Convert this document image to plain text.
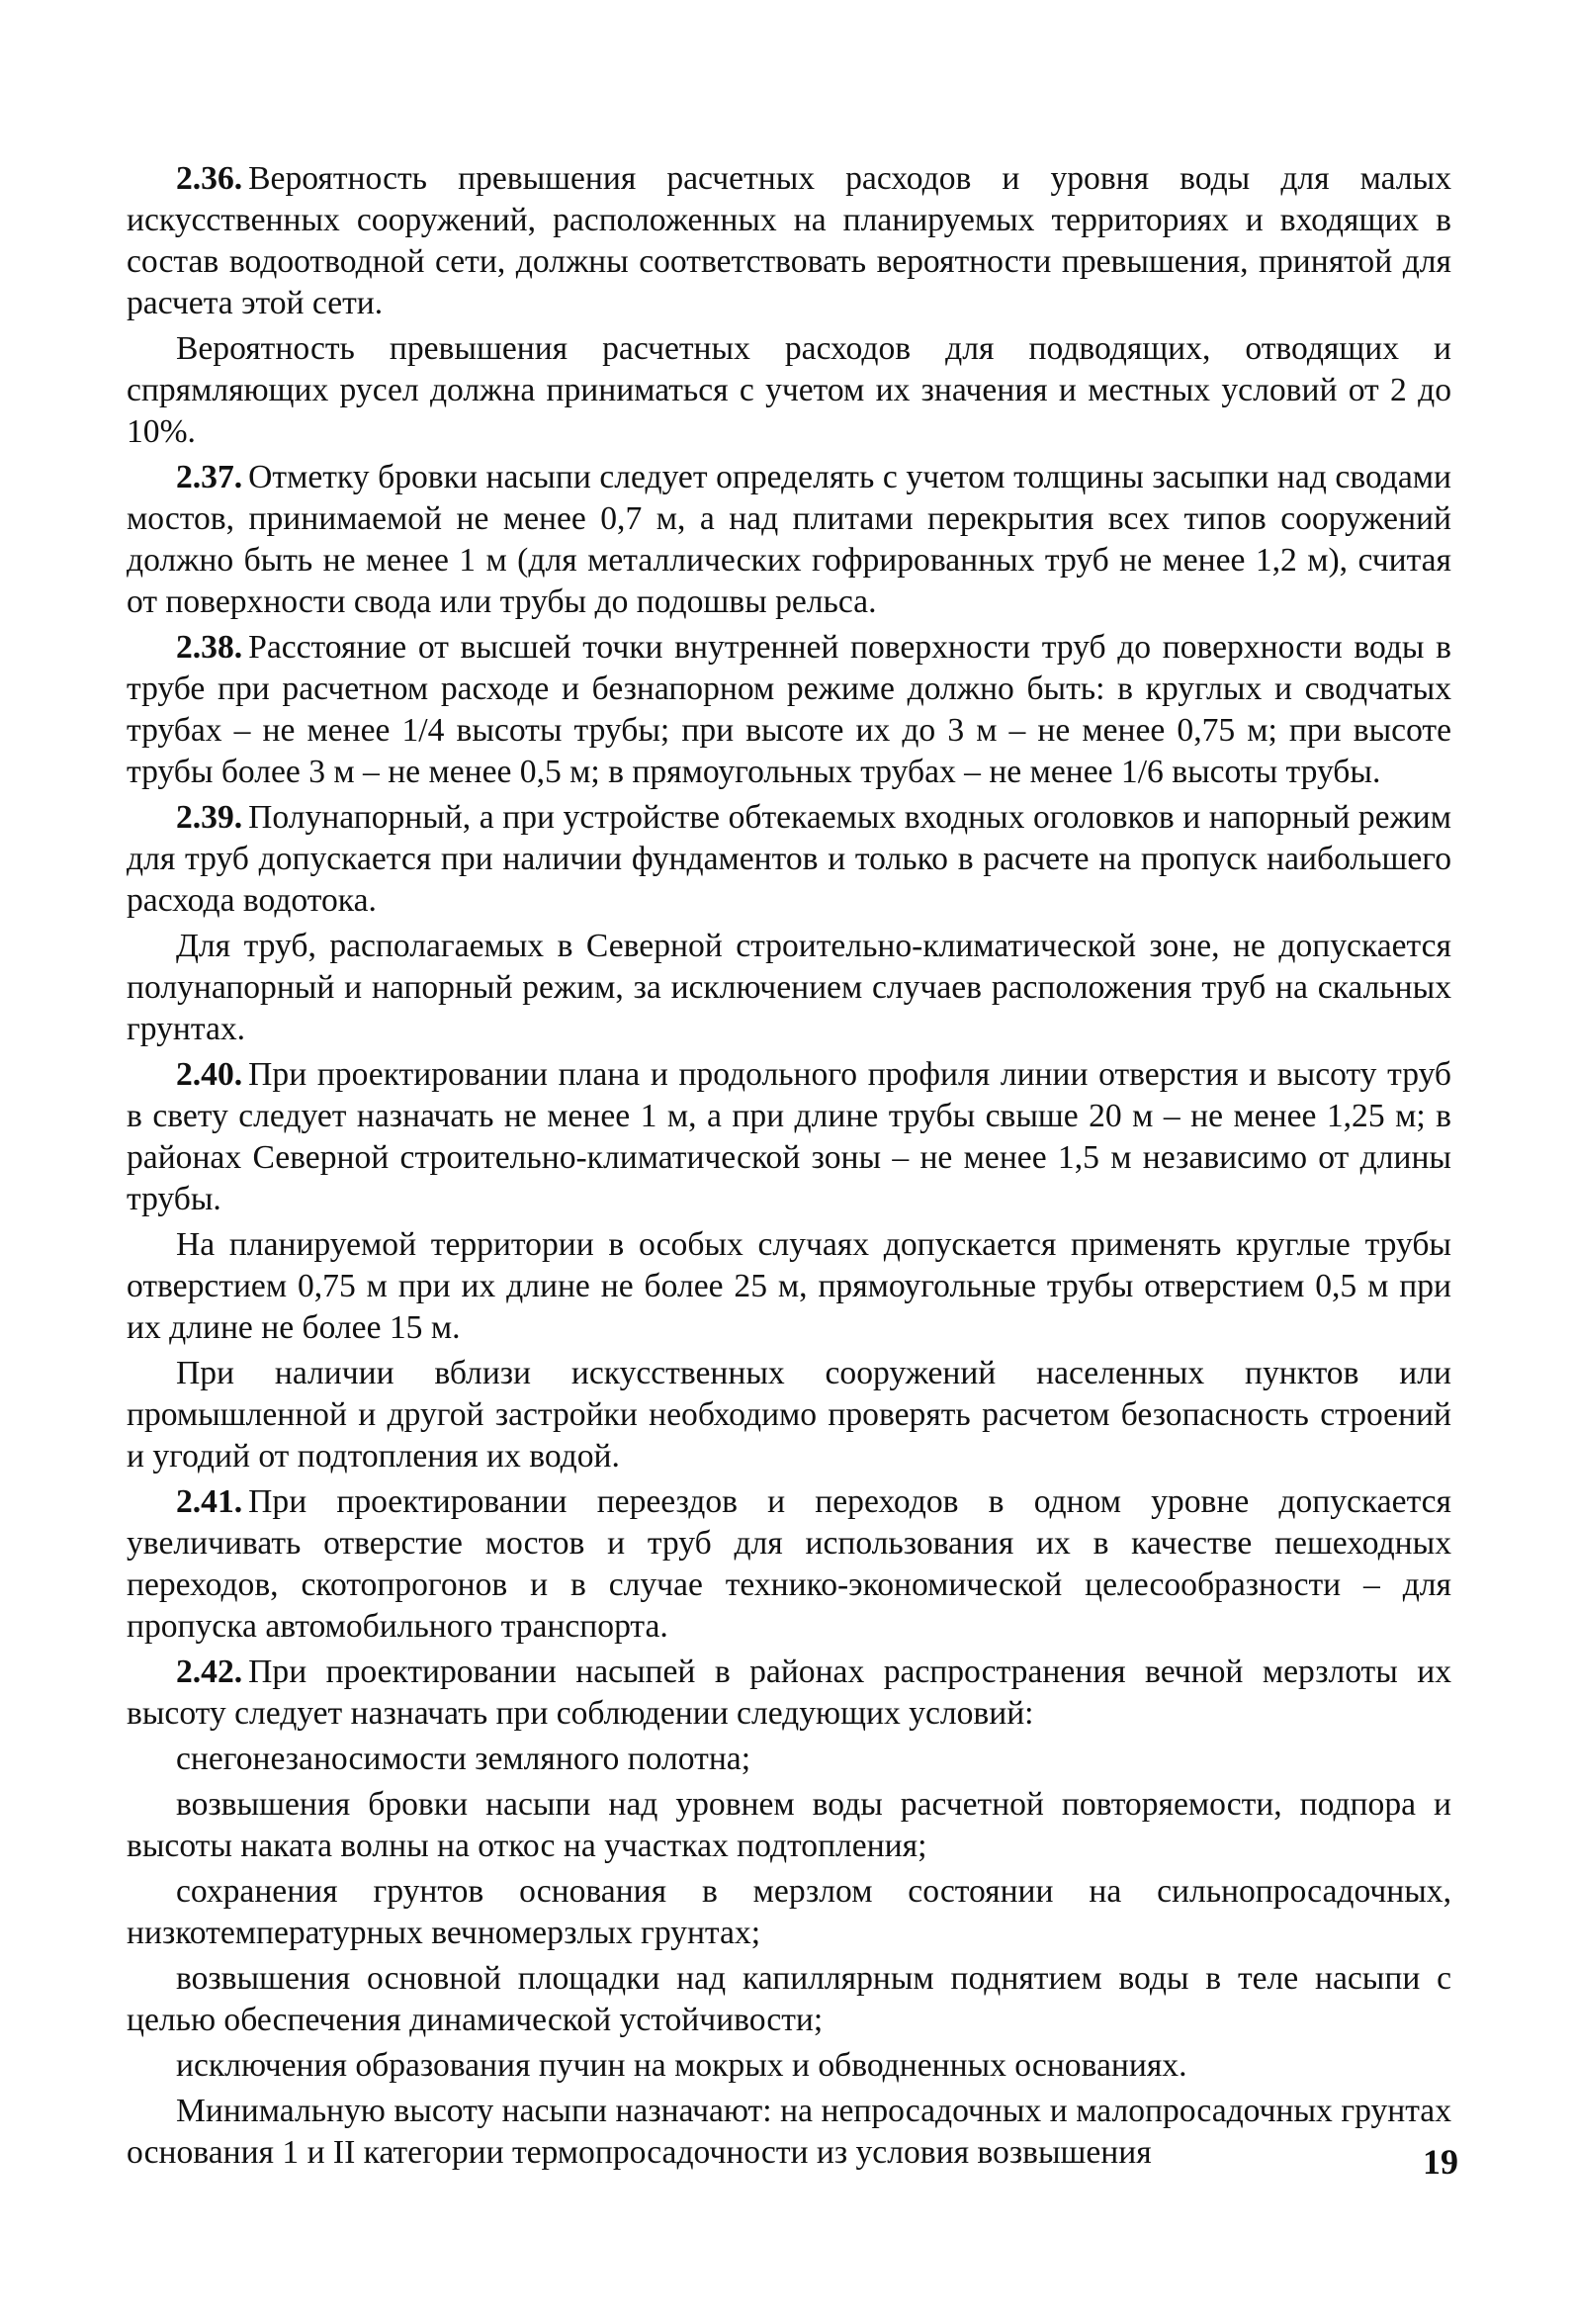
2.36. Вероятность превышения расчетных расходов и уровня воды для малых искусственных сооружений, расположенных на планируемых территориях и входящих в состав водоотводной сети, должны соответствовать вероятности превышения, принятой для расчета этой сети.

Вероятность превышения расчетных расходов для подводящих, отводящих и спрямляющих русел должна приниматься с учетом их значения и местных условий от 2 до 10%.

2.37. Отметку бровки насыпи следует определять с учетом толщины засыпки над сводами мостов, принимаемой не менее 0,7 м, а над плитами перекрытия всех типов сооружений должно быть не менее 1 м (для металлических гофрированных труб не менее 1,2 м), считая от поверхности свода или трубы до подошвы рельса.

2.38. Расстояние от высшей точки внутренней поверхности труб до поверхности воды в трубе при расчетном расходе и безнапорном режиме должно быть: в круглых и сводчатых трубах – не менее 1/4 высоты трубы; при высоте их до 3 м – не менее 0,75 м; при высоте трубы более 3 м – не менее 0,5 м; в прямоугольных трубах – не менее 1/6 высоты трубы.

2.39. Полунапорный, а при устройстве обтекаемых входных оголовков и напорный режим для труб допускается при наличии фундаментов и только в расчете на пропуск наибольшего расхода водотока.

Для труб, располагаемых в Северной строительно-климатической зоне, не допускается полунапорный и напорный режим, за исключением случаев расположения труб на скальных грунтах.

2.40. При проектировании плана и продольного профиля линии отверстия и высоту труб в свету следует назначать не менее 1 м, а при длине трубы свыше 20 м – не менее 1,25 м; в районах Северной строительно-климатической зоны – не менее 1,5 м независимо от длины трубы.

На планируемой территории в особых случаях допускается применять круглые трубы отверстием 0,75 м при их длине не более 25 м, прямоугольные трубы отверстием 0,5 м при их длине не более 15 м.

При наличии вблизи искусственных сооружений населенных пунктов или промышленной и другой застройки необходимо проверять расчетом безопасность строений и угодий от подтопления их водой.

2.41. При проектировании переездов и переходов в одном уровне допускается увеличивать отверстие мостов и труб для использования их в качестве пешеходных переходов, скотопрогонов и в случае технико-экономической целесообразности – для пропуска автомобильного транспорта.

2.42. При проектировании насыпей в районах распространения вечной мерзлоты их высоту следует назначать при соблюдении следующих условий:

снегонезаносимости земляного полотна;

возвышения бровки насыпи над уровнем воды расчетной повторяемости, подпора и высоты наката волны на откос на участках подтопления;

сохранения грунтов основания в мерзлом состоянии на сильнопросадочных, низкотемпературных вечномерзлых грунтах;

возвышения основной площадки над капиллярным поднятием воды в теле насыпи с целью обеспечения динамической устойчивости;

исключения образования пучин на мокрых и обводненных основаниях.

Минимальную высоту насыпи назначают: на непросадочных и малопросадочных грунтах основания 1 и II категории термопросадочности из условия возвышения	19
